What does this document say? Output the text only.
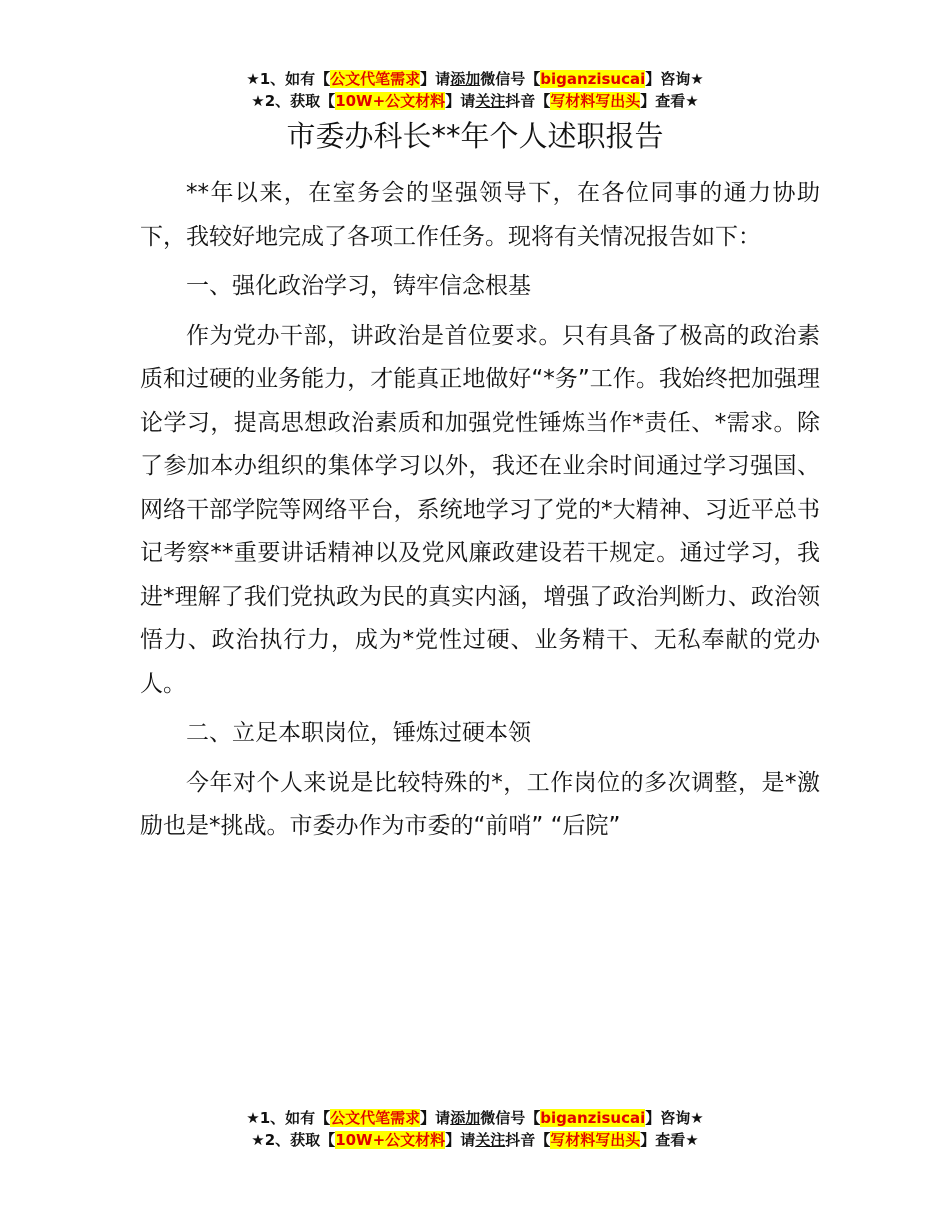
★1、如有【公文代笔需求】请添加微信号【biganzisucai】咨询★
★2、获取【10W+公文材料】请关注抖音【写材料写出头】查看★
市委办科长**年个人述职报告

**年以来，在室务会的坚强领导下，在各位同事的通力协助下，我较好地完成了各项工作任务。现将有关情况报告如下：

一、强化政治学习，铸牢信念根基

作为党办干部，讲政治是首位要求。只有具备了极高的政治素质和过硬的业务能力，才能真正地做好“*务”工作。我始终把加强理论学习，提高思想政治素质和加强党性锤炼当作*责任、*需求。除了参加本办组织的集体学习以外，我还在业余时间通过学习强国、网络干部学院等网络平台，系统地学习了党的*大精神、习近平总书记考察**重要讲话精神以及党风廉政建设若干规定。通过学习，我进*理解了我们党执政为民的真实内涵，增强了政治判断力、政治领悟力、政治执行力，成为*党性过硬、业务精干、无私奉献的党办人。

二、立足本职岗位，锤炼过硬本领

今年对个人来说是比较特殊的*，工作岗位的多次调整，是*激励也是*挑战。市委办作为市委的“前哨” “后院”

★1、如有【公文代笔需求】请添加微信号【biganzisucai】咨询★
★2、获取【10W+公文材料】请关注抖音【写材料写出头】查看★
